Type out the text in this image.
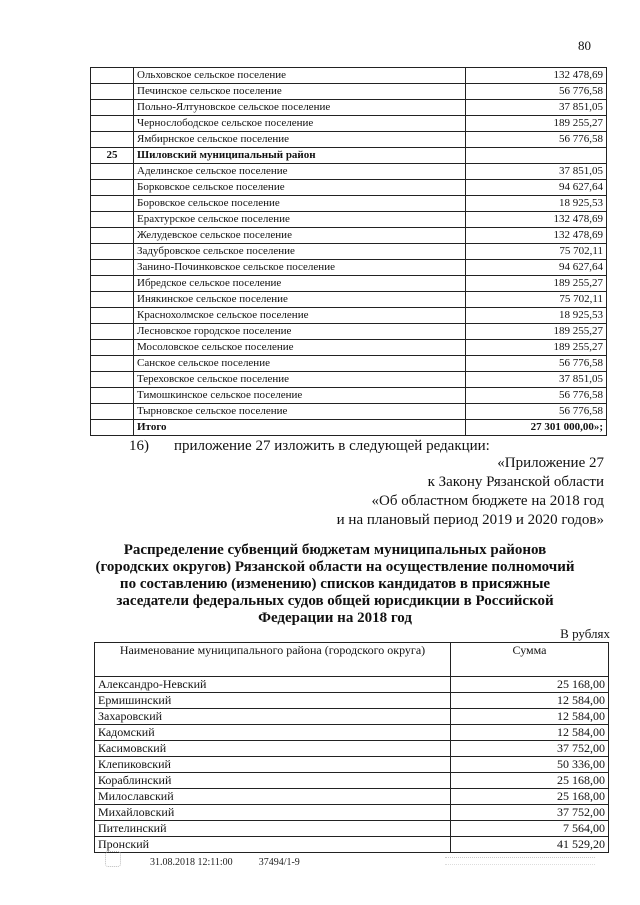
80
	Ольховское сельское поселение	132 478,69
	Печинское сельское поселение	56 776,58
	Польно-Ялтуновское сельское поселение	37 851,05
	Чернослободское сельское поселение	189 255,27
	Ямбирнское сельское поселение	56 776,58
25	Шиловский муниципальный район	
	Аделинское сельское поселение	37 851,05
	Борковское сельское поселение	94 627,64
	Боровское сельское поселение	18 925,53
	Ерахтурское сельское поселение	132 478,69
	Желудевское сельское поселение	132 478,69
	Задубровское сельское поселение	75 702,11
	Занино-Починковское сельское поселение	94 627,64
	Ибредское сельское поселение	189 255,27
	Инякинское сельское поселение	75 702,11
	Краснохолмское сельское поселение	18 925,53
	Лесновское городское поселение	189 255,27
	Мосоловское сельское поселение	189 255,27
	Санское сельское поселение	56 776,58
	Тереховское сельское поселение	37 851,05
	Тимошкинское сельское поселение	56 776,58
	Тырновское сельское поселение	56 776,58
	Итого	27 301 000,00»;
16) приложение 27 изложить в следующей редакции:
«Приложение 27
к Закону Рязанской области
«Об областном бюджете на 2018 год
и на плановый период 2019 и 2020 годов»
Распределение субвенций бюджетам муниципальных районов
(городских округов) Рязанской области на осуществление полномочий
по составлению (изменению) списков кандидатов в присяжные
заседатели федеральных судов общей юрисдикции в Российской
Федерации на 2018 год
В рублях
Наименование муниципального района (городского округа)	Сумма
Александро-Невский	25 168,00
Ермишинский	12 584,00
Захаровский	12 584,00
Кадомский	12 584,00
Касимовский	37 752,00
Клепиковский	50 336,00
Кораблинский	25 168,00
Милославский	25 168,00
Михайловский	37 752,00
Пителинский	7 564,00
Пронский	41 529,20
31.08.2018 12:11:00	37494/1-9
